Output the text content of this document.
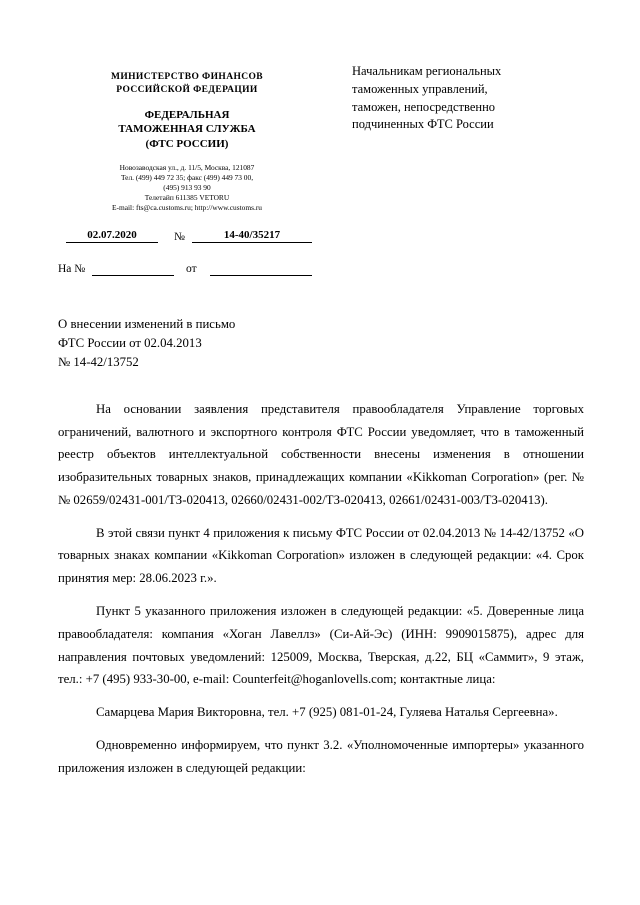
МИНИСТЕРСТВО ФИНАНСОВ
РОССИЙСКОЙ ФЕДЕРАЦИИ
ФЕДЕРАЛЬНАЯ
ТАМОЖЕННАЯ СЛУЖБА
(ФТС РОССИИ)
Новозаводская ул., д. 11/5, Москва, 121087
Тел. (499) 449 72 35; факс (499) 449 73 00,
(495) 913 93 90
Телетайп 611385 VETORU
E-mail: fts@ca.customs.ru; http://www.customs.ru
Начальникам региональных
таможенных управлений,
таможен, непосредственно
подчиненных ФТС России
02.07.2020	№	14-40/35217
На №	от
О внесении изменений в письмо
ФТС России от 02.04.2013
№ 14-42/13752

На основании заявления представителя правообладателя Управление торговых ограничений, валютного и экспортного контроля ФТС России уведомляет, что в таможенный реестр объектов интеллектуальной собственности внесены изменения в отношении изобразительных товарных знаков, принадлежащих компании «Kikkoman Corporation» (рег. №№ 02659/02431-001/ТЗ-020413, 02660/02431-002/ТЗ-020413, 02661/02431-003/ТЗ-020413).

В этой связи пункт 4 приложения к письму ФТС России от 02.04.2013 № 14-42/13752 «О товарных знаках компании «Kikkoman Corporation» изложен в следующей редакции: «4. Срок принятия мер: 28.06.2023 г.».

Пункт 5 указанного приложения изложен в следующей редакции: «5. Доверенные лица правообладателя: компания «Хоган Лавеллз» (Си-Ай-Эс) (ИНН: 9909015875), адрес для направления почтовых уведомлений: 125009, Москва, Тверская, д.22, БЦ «Саммит», 9 этаж, тел.: +7 (495) 933-30-00, e-mail: Counterfeit@hoganlovells.com; контактные лица:

Самарцева Мария Викторовна, тел. +7 (925) 081-01-24, Гуляева Наталья Сергеевна».

Одновременно информируем, что пункт 3.2. «Уполномоченные импортеры» указанного приложения изложен в следующей редакции:
